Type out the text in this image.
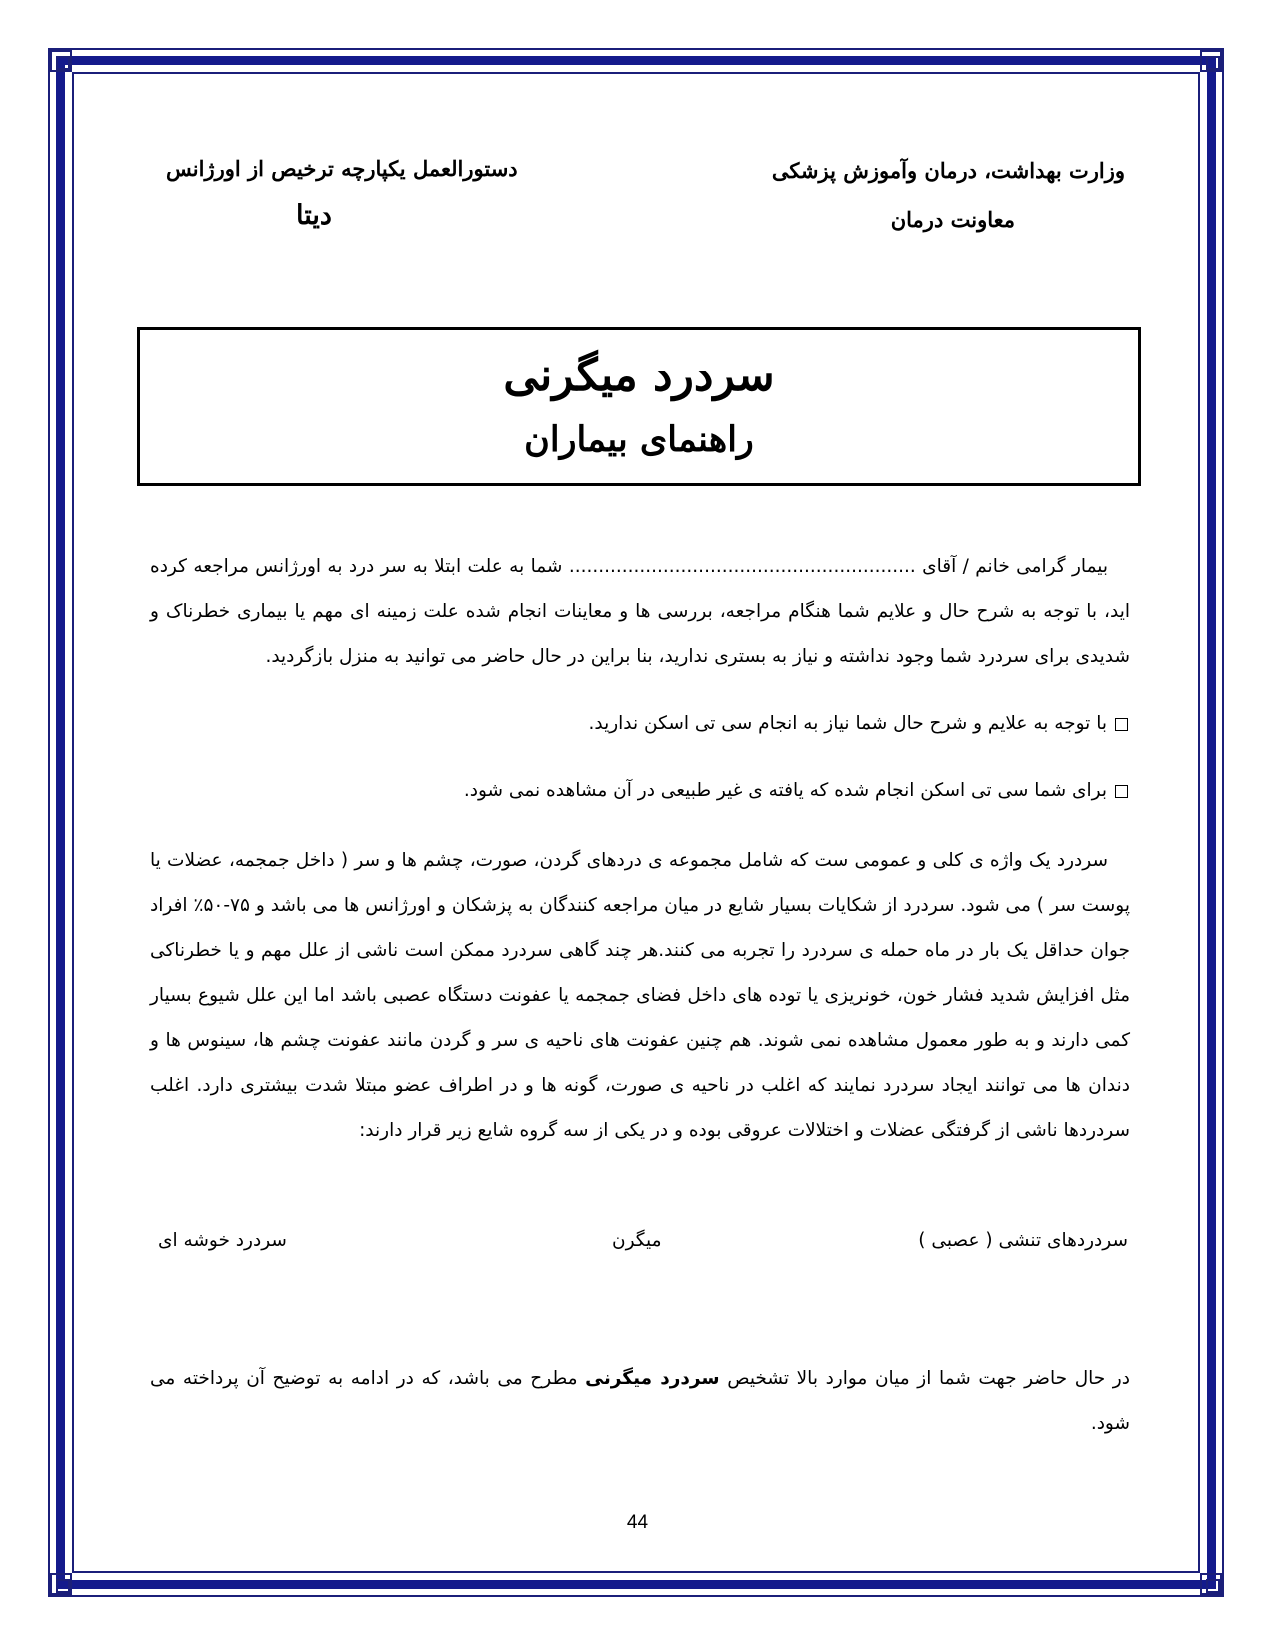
وزارت بهداشت، درمان وآموزش پزشکی
معاونت درمان
دستورالعمل یکپارچه ترخیص از اورژانس
دیتا
سردرد میگرنی
راهنمای بیماران
بیمار گرامی خانم / آقای ........................................................... شما به علت ابتلا به سر درد به اورژانس مراجعه کرده اید، با توجه به شرح حال و علایم شما هنگام مراجعه، بررسی ها و معاینات انجام شده علت زمینه ای مهم یا بیماری خطرناک و شدیدی برای سردرد شما وجود نداشته و نیاز به بستری ندارید، بنا براین در حال حاضر می توانید به منزل بازگردید.
با توجه به علایم و شرح حال شما نیاز به انجام سی تی اسکن ندارید.
برای شما سی تی اسکن انجام شده که یافته ی غیر طبیعی در آن مشاهده نمی شود.
سردرد یک واژه ی کلی و عمومی ست که شامل مجموعه ی دردهای گردن، صورت، چشم ها و سر ( داخل جمجمه، عضلات یا پوست سر ) می شود. سردرد از شکایات بسیار شایع در میان مراجعه کنندگان به پزشکان و اورژانس ها می باشد و ۷۵-۵۰٪ افراد جوان حداقل یک بار در ماه حمله ی سردرد را تجربه می کنند.هر چند گاهی سردرد ممکن است ناشی از علل مهم و یا خطرناکی مثل افزایش شدید فشار خون، خونریزی یا توده های داخل فضای جمجمه یا عفونت دستگاه عصبی باشد اما این علل شیوع بسیار کمی دارند و به طور معمول مشاهده نمی شوند. هم چنین عفونت های ناحیه ی سر و گردن مانند عفونت چشم ها، سینوس ها و دندان ها می توانند ایجاد سردرد نمایند که اغلب در ناحیه ی صورت، گونه ها و در اطراف عضو مبتلا شدت بیشتری دارد. اغلب سردردها ناشی از گرفتگی عضلات و اختلالات عروقی بوده و در یکی از سه گروه شایع زیر قرار دارند:
سردردهای تنشی ( عصبی )
میگرن
سردرد خوشه ای
در حال حاضر جهت شما از میان موارد بالا تشخیص سردرد میگرنی مطرح می باشد، که در ادامه به توضیح آن پرداخته می شود.
44
